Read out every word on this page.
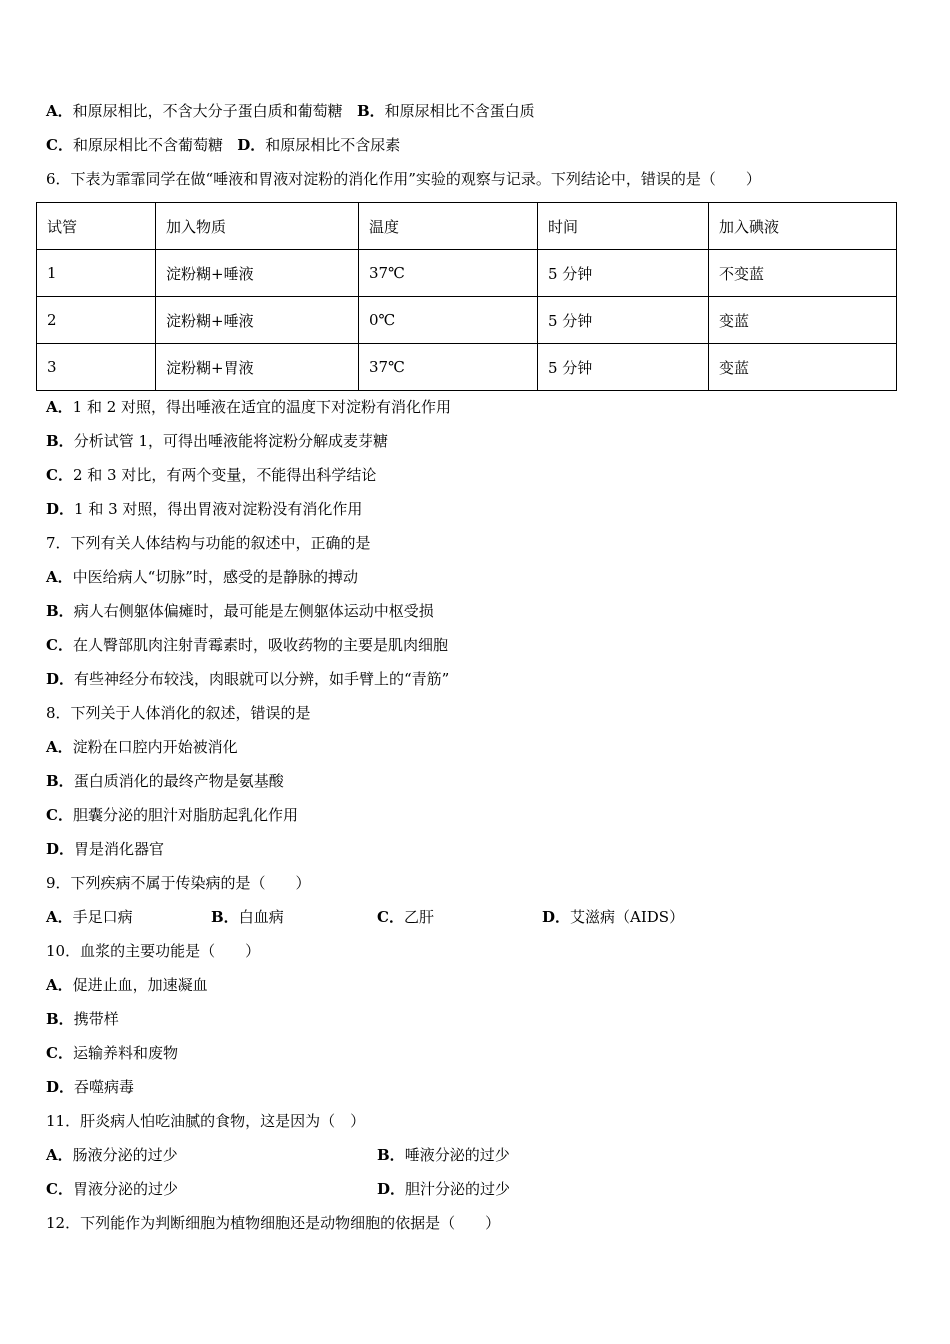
A．和原尿相比，不含大分子蛋白质和葡萄糖 B．和原尿相比不含蛋白质
C．和原尿相比不含葡萄糖 D．和原尿相比不含尿素
6．下表为霏霏同学在做“唾液和胃液对淀粉的消化作用”实验的观察与记录。下列结论中，错误的是（　　）
试管	加入物质	温度	时间	加入碘液
1	淀粉糊+唾液	37℃	5 分钟	不变蓝
2	淀粉糊+唾液	0℃	5 分钟	变蓝
3	淀粉糊+胃液	37℃	5 分钟	变蓝
A．1 和 2 对照，得出唾液在适宜的温度下对淀粉有消化作用
B．分析试管 1，可得出唾液能将淀粉分解成麦芽糖
C．2 和 3 对比，有两个变量，不能得出科学结论
D．1 和 3 对照，得出胃液对淀粉没有消化作用
7．下列有关人体结构与功能的叙述中，正确的是
A．中医给病人“切脉”时，感受的是静脉的搏动
B．病人右侧躯体偏瘫时，最可能是左侧躯体运动中枢受损
C．在人臀部肌肉注射青霉素时，吸收药物的主要是肌肉细胞
D．有些神经分布较浅，肉眼就可以分辨，如手臂上的“青筋”
8．下列关于人体消化的叙述，错误的是
A．淀粉在口腔内开始被消化
B．蛋白质消化的最终产物是氨基酸
C．胆囊分泌的胆汁对脂肪起乳化作用
D．胃是消化器官
9．下列疾病不属于传染病的是（　　）
A．手足口病	B．白血病	C．乙肝	D．艾滋病（AIDS）
10．血浆的主要功能是（　　）
A．促进止血，加速凝血
B．携带样
C．运输养料和废物
D．吞噬病毒
11．肝炎病人怕吃油腻的食物，这是因为（　）
A．肠液分泌的过少	B．唾液分泌的过少
C．胃液分泌的过少	D．胆汁分泌的过少
12．下列能作为判断细胞为植物细胞还是动物细胞的依据是（　　）
